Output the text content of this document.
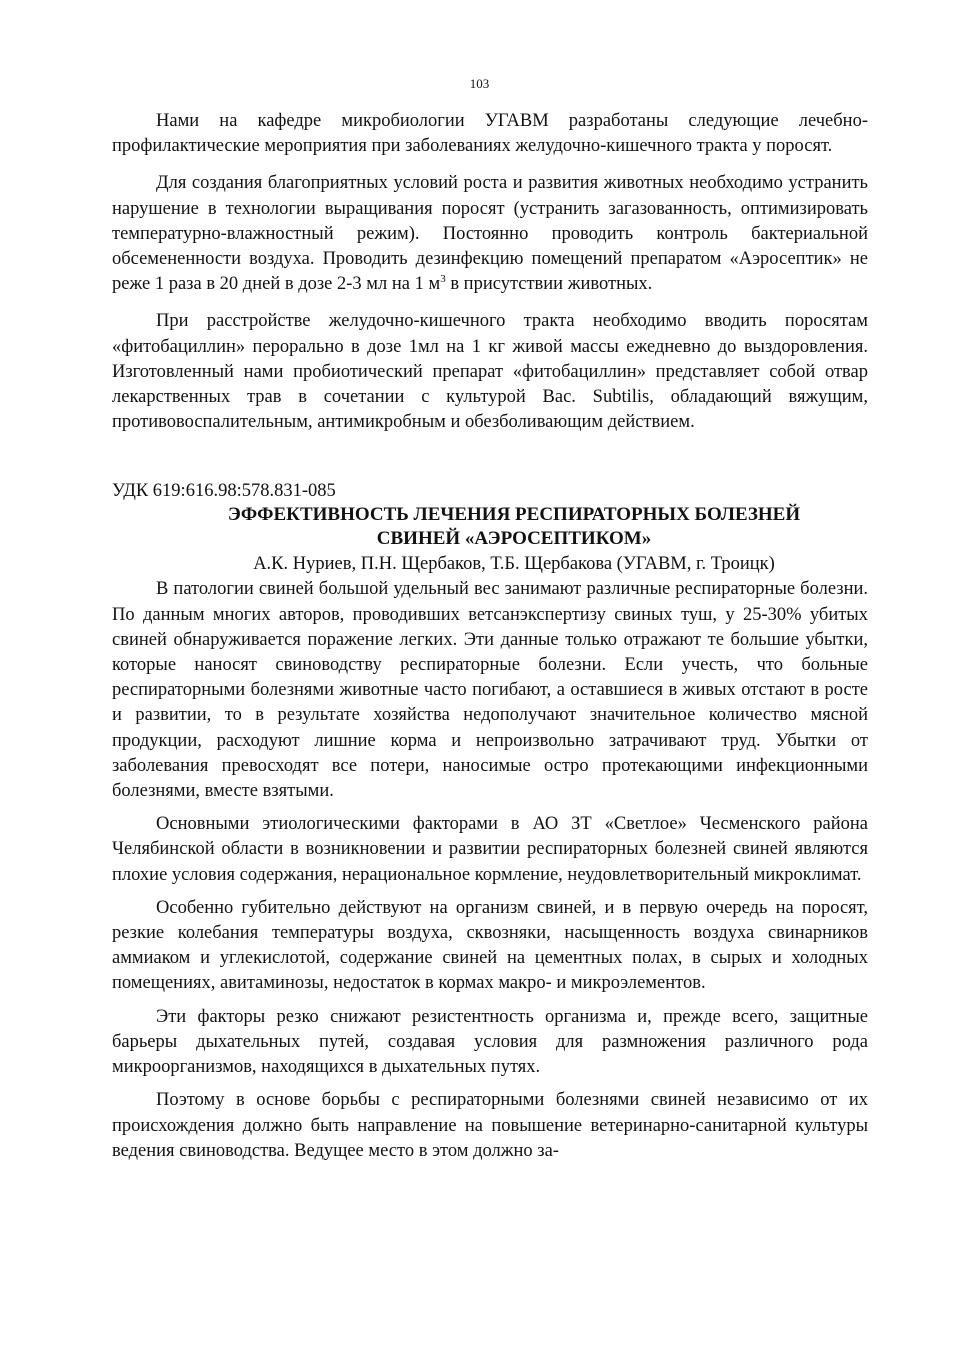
103

Нами на кафедре микробиологии УГАВМ разработаны следующие лечебно-профилактические мероприятия при заболеваниях желудочно-кишечного тракта у поросят.

Для создания благоприятных условий роста и развития животных необходимо устранить нарушение в технологии выращивания поросят (устранить загазованность, оптимизировать температурно-влажностный режим). Постоянно проводить контроль бактериальной обсемененности воздуха. Проводить дезинфекцию помещений препаратом «Аэросептик» не реже 1 раза в 20 дней в дозе 2-3 мл на 1 $м^3$ в присутствии животных.

При расстройстве желудочно-кишечного тракта необходимо вводить поросятам «фитобациллин» перорально в дозе 1мл на 1 кг живой массы ежедневно до выздоровления. Изготовленный нами пробиотический препарат «фитобациллин» представляет собой отвар лекарственных трав в сочетании с культурой Bac. Subtilis, обладающий вяжущим, противовоспалительным, антимикробным и обезболивающим действием.

УДК 619:616.98:578.831-085
ЭФФЕКТИВНОСТЬ ЛЕЧЕНИЯ РЕСПИРАТОРНЫХ БОЛЕЗНЕЙ
СВИНЕЙ «АЭРОСЕПТИКОМ»
А.К. Нуриев, П.Н. Щербаков, Т.Б. Щербакова (УГАВМ, г. Троицк)

В патологии свиней большой удельный вес занимают различные респираторные болезни. По данным многих авторов, проводивших ветсанэкспертизу свиных туш, у 25-30% убитых свиней обнаруживается поражение легких. Эти данные только отражают те большие убытки, которые наносят свиноводству респираторные болезни. Если учесть, что больные респираторными болезнями животные часто погибают, а оставшиеся в живых отстают в росте и развитии, то в результате хозяйства недополучают значительное количество мясной продукции, расходуют лишние корма и непроизвольно затрачивают труд. Убытки от заболевания превосходят все потери, наносимые остро протекающими инфекционными болезнями, вместе взятыми.

Основными этиологическими факторами в АО ЗТ «Светлое» Чесменского района Челябинской области в возникновении и развитии респираторных болезней свиней являются плохие условия содержания, нерациональное кормление, неудовлетворительный микроклимат.

Особенно губительно действуют на организм свиней, и в первую очередь на поросят, резкие колебания температуры воздуха, сквозняки, насыщенность воздуха свинарников аммиаком и углекислотой, содержание свиней на цементных полах, в сырых и холодных помещениях, авитаминозы, недостаток в кормах макро- и микроэлементов.

Эти факторы резко снижают резистентность организма и, прежде всего, защитные барьеры дыхательных путей, создавая условия для размножения различного рода микроорганизмов, находящихся в дыхательных путях.

Поэтому в основе борьбы с респираторными болезнями свиней независимо от их происхождения должно быть направление на повышение ветеринарно-санитарной культуры ведения свиноводства. Ведущее место в этом должно за-
